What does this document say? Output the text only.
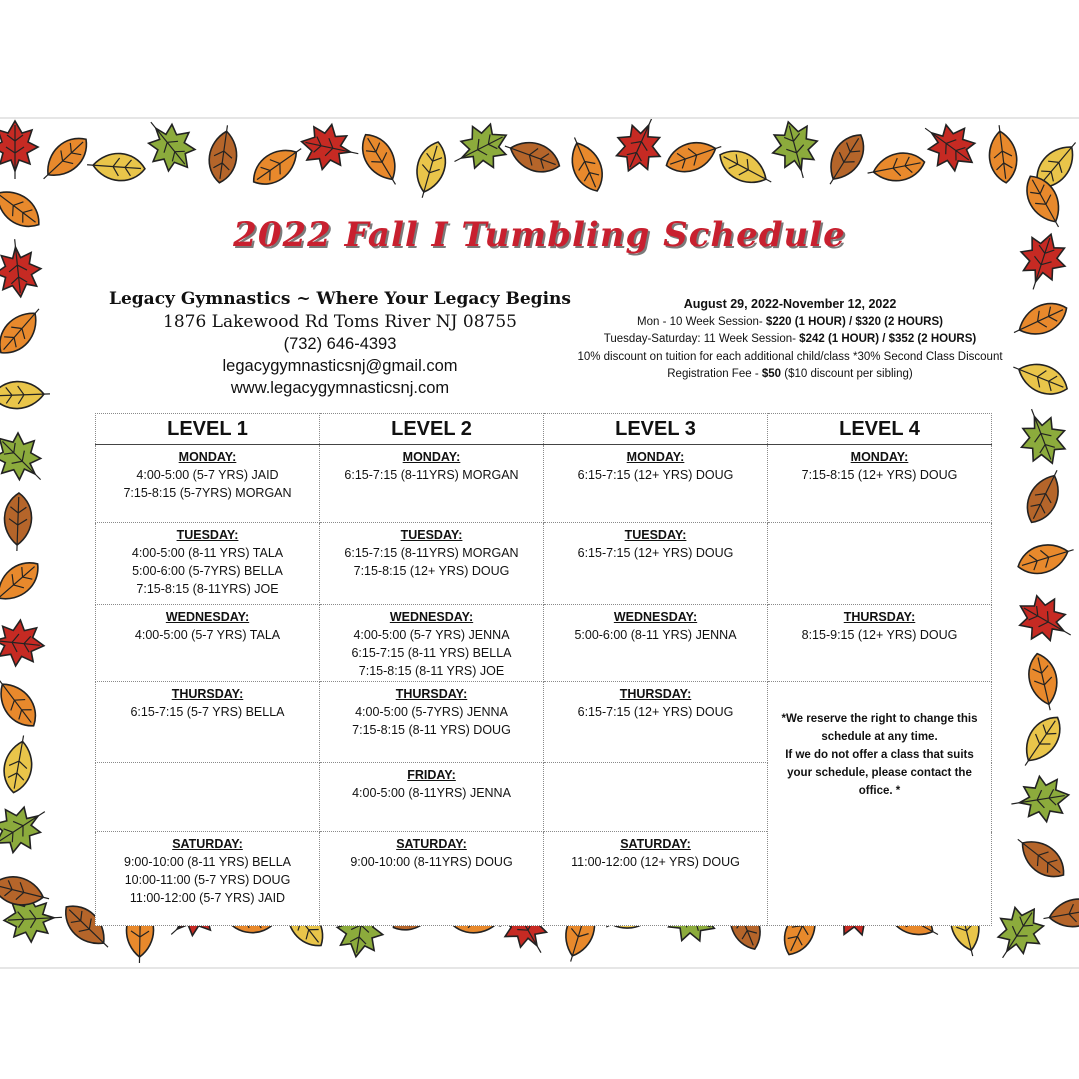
2022 Fall I Tumbling Schedule
Legacy Gymnastics ~ Where Your Legacy Begins
1876 Lakewood Rd Toms River NJ 08755
(732) 646-4393
legacygymnasticsnj@gmail.com
www.legacygymnasticsnj.com
August 29, 2022-November 12, 2022
Mon - 10 Week Session- $220 (1 HOUR) / $320 (2 HOURS)
Tuesday-Saturday: 11 Week Session- $242 (1 HOUR) / $352 (2 HOURS)
10% discount on tuition for each additional child/class *30% Second Class Discount
Registration Fee - $50 ($10 discount per sibling)
LEVEL 1	LEVEL 2	LEVEL 3	LEVEL 4

MONDAY:
4:00-5:00 (5-7 YRS) JAID
7:15-8:15 (5-7YRS) MORGAN	MONDAY:
6:15-7:15 (8-11YRS) MORGAN	MONDAY:
6:15-7:15 (12+ YRS) DOUG	MONDAY:
7:15-8:15 (12+ YRS) DOUG

TUESDAY:
4:00-5:00 (8-11 YRS) TALA
5:00-6:00 (5-7YRS) BELLA
7:15-8:15 (8-11YRS) JOE	TUESDAY:
6:15-7:15 (8-11YRS) MORGAN
7:15-8:15 (12+ YRS) DOUG	TUESDAY:
6:15-7:15 (12+ YRS) DOUG	

WEDNESDAY:
4:00-5:00 (5-7 YRS) TALA	WEDNESDAY:
4:00-5:00 (5-7 YRS) JENNA
6:15-7:15 (8-11 YRS) BELLA
7:15-8:15 (8-11 YRS) JOE	WEDNESDAY:
5:00-6:00 (8-11 YRS) JENNA	THURSDAY:
8:15-9:15 (12+ YRS) DOUG

THURSDAY:
6:15-7:15 (5-7 YRS) BELLA	THURSDAY:
4:00-5:00 (5-7YRS) JENNA
7:15-8:15 (8-11 YRS) DOUG	THURSDAY:
6:15-7:15 (12+ YRS) DOUG	*We reserve the right to change this schedule at any time.
If we do not offer a class that suits your schedule, please contact the office. *

	FRIDAY:
4:00-5:00 (8-11YRS) JENNA		

SATURDAY:
9:00-10:00 (8-11 YRS) BELLA
10:00-11:00 (5-7 YRS) DOUG
11:00-12:00 (5-7 YRS) JAID	SATURDAY:
9:00-10:00 (8-11YRS) DOUG	SATURDAY:
11:00-12:00 (12+ YRS) DOUG	
